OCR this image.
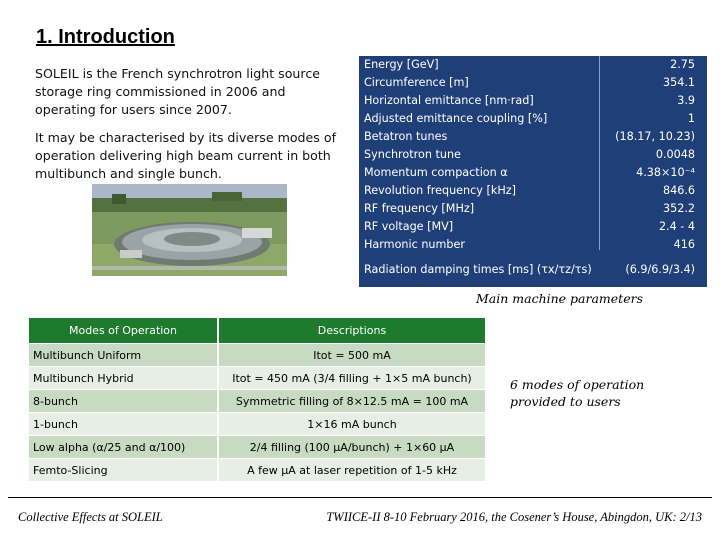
1. Introduction
SOLEIL is the French synchrotron light source storage ring commissioned in 2006 and operating for users since 2007.
It may be characterised by its diverse modes of operation delivering high beam current in both multibunch and single bunch.
Energy [GeV]	2.75
Circumference [m]	354.1
Horizontal emittance [nm·rad]	3.9
Adjusted emittance coupling [%]	1
Betatron tunes	(18.17, 10.23)
Synchrotron tune	0.0048
Momentum compaction α	4.38×10⁻⁴
Revolution frequency [kHz]	846.6
RF frequency [MHz]	352.2
RF voltage [MV]	2.4 - 4
Harmonic number	416
Radiation damping times [ms] (τx/τz/τs)	(6.9/6.9/3.4)
Main machine parameters
Modes of Operation	Descriptions
Multibunch Uniform	Itot = 500 mA
Multibunch Hybrid	Itot = 450 mA (3/4 filling + 1×5 mA bunch)
8-bunch	Symmetric filling of 8×12.5 mA = 100 mA
1-bunch	1×16 mA bunch
Low alpha (α/25 and α/100)	2/4 filling (100 μA/bunch) + 1×60 μA
Femto-Slicing	A few μA at laser repetition of 1-5 kHz
6 modes of operation provided to users
Collective Effects at SOLEIL	TWIICE-II 8-10 February 2016, the Cosener’s House, Abingdon, UK: 2/13
